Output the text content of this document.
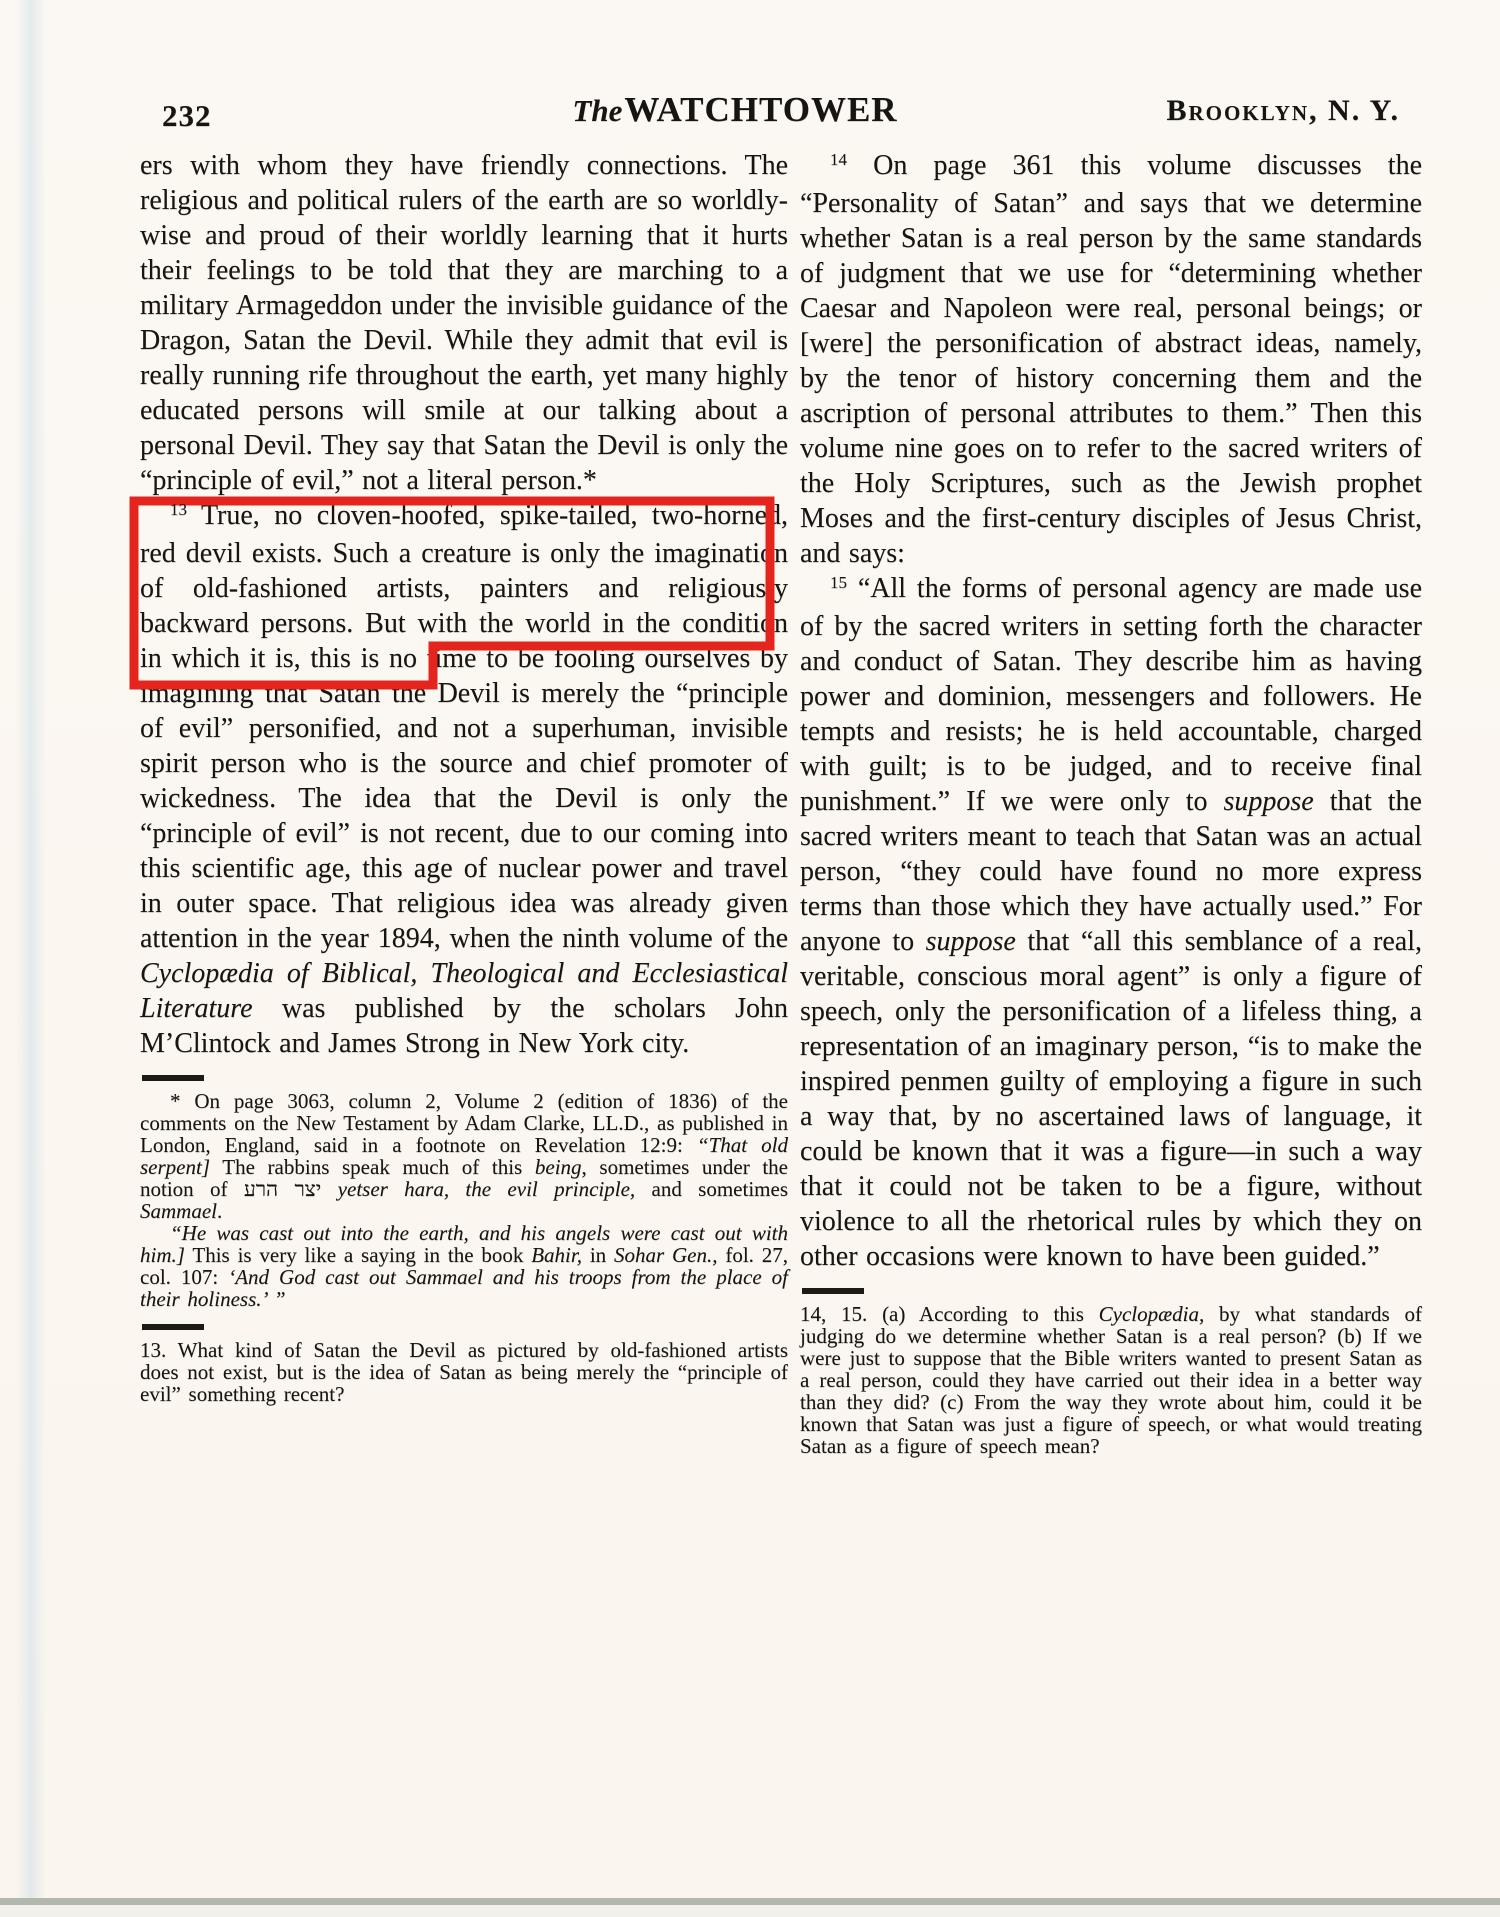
232	TheWATCHTOWER	Brooklyn, N. Y.

ers with whom they have friendly connections. The religious and political rulers of the earth are so worldly-wise and proud of their worldly learning that it hurts their feelings to be told that they are marching to a military Armageddon under the invisible guidance of the Dragon, Satan the Devil. While they admit that evil is really running rife throughout the earth, yet many highly educated persons will smile at our talking about a personal Devil. They say that Satan the Devil is only the “principle of evil,” not a literal person.*

$^{13}$ True, no cloven-hoofed, spike-tailed, two-horned, red devil exists. Such a creature is only the imagination of old-fashioned artists, painters and religiously backward persons. But with the world in the condition in which it is, this is no time to be fooling ourselves by imagining that Satan the Devil is merely the “principle of evil” personified, and not a superhuman, invisible spirit person who is the source and chief promoter of wickedness. The idea that the Devil is only the “principle of evil” is not recent, due to our coming into this scientific age, this age of nuclear power and travel in outer space. That religious idea was already given attention in the year 1894, when the ninth volume of the Cyclopædia of Biblical, Theological and Ecclesiastical Literature was published by the scholars John M’Clintock and James Strong in New York city.

* On page 3063, column 2, Volume 2 (edition of 1836) of the comments on the New Testament by Adam Clarke, LL.D., as published in London, England, said in a footnote on Revelation 12:9: “That old serpent] The rabbins speak much of this being, sometimes under the notion of יצר הרע yetser hara, the evil principle, and sometimes Sammael.

“He was cast out into the earth, and his angels were cast out with him.] This is very like a saying in the book Bahir, in Sohar Gen., fol. 27, col. 107: ‘And God cast out Sammael and his troops from the place of their holiness.’ ”

13. What kind of Satan the Devil as pictured by old-fashioned artists does not exist, but is the idea of Satan as being merely the “principle of evil” something recent?

$^{14}$ On page 361 this volume discusses the “Personality of Satan” and says that we determine whether Satan is a real person by the same standards of judgment that we use for “determining whether Caesar and Napoleon were real, personal beings; or [were] the personification of abstract ideas, namely, by the tenor of history concerning them and the ascription of personal attributes to them.” Then this volume nine goes on to refer to the sacred writers of the Holy Scriptures, such as the Jewish prophet Moses and the first-century disciples of Jesus Christ, and says:

$^{15}$ “All the forms of personal agency are made use of by the sacred writers in setting forth the character and conduct of Satan. They describe him as having power and dominion, messengers and followers. He tempts and resists; he is held accountable, charged with guilt; is to be judged, and to receive final punishment.” If we were only to suppose that the sacred writers meant to teach that Satan was an actual person, “they could have found no more express terms than those which they have actually used.” For anyone to suppose that “all this semblance of a real, veritable, conscious moral agent” is only a figure of speech, only the personification of a lifeless thing, a representation of an imaginary person, “is to make the inspired penmen guilty of employing a figure in such a way that, by no ascertained laws of language, it could be known that it was a figure—in such a way that it could not be taken to be a figure, without violence to all the rhetorical rules by which they on other occasions were known to have been guided.”

14, 15. (a) According to this Cyclopædia, by what standards of judging do we determine whether Satan is a real person? (b) If we were just to suppose that the Bible writers wanted to present Satan as a real person, could they have carried out their idea in a better way than they did? (c) From the way they wrote about him, could it be known that Satan was just a figure of speech, or what would treating Satan as a figure of speech mean?
